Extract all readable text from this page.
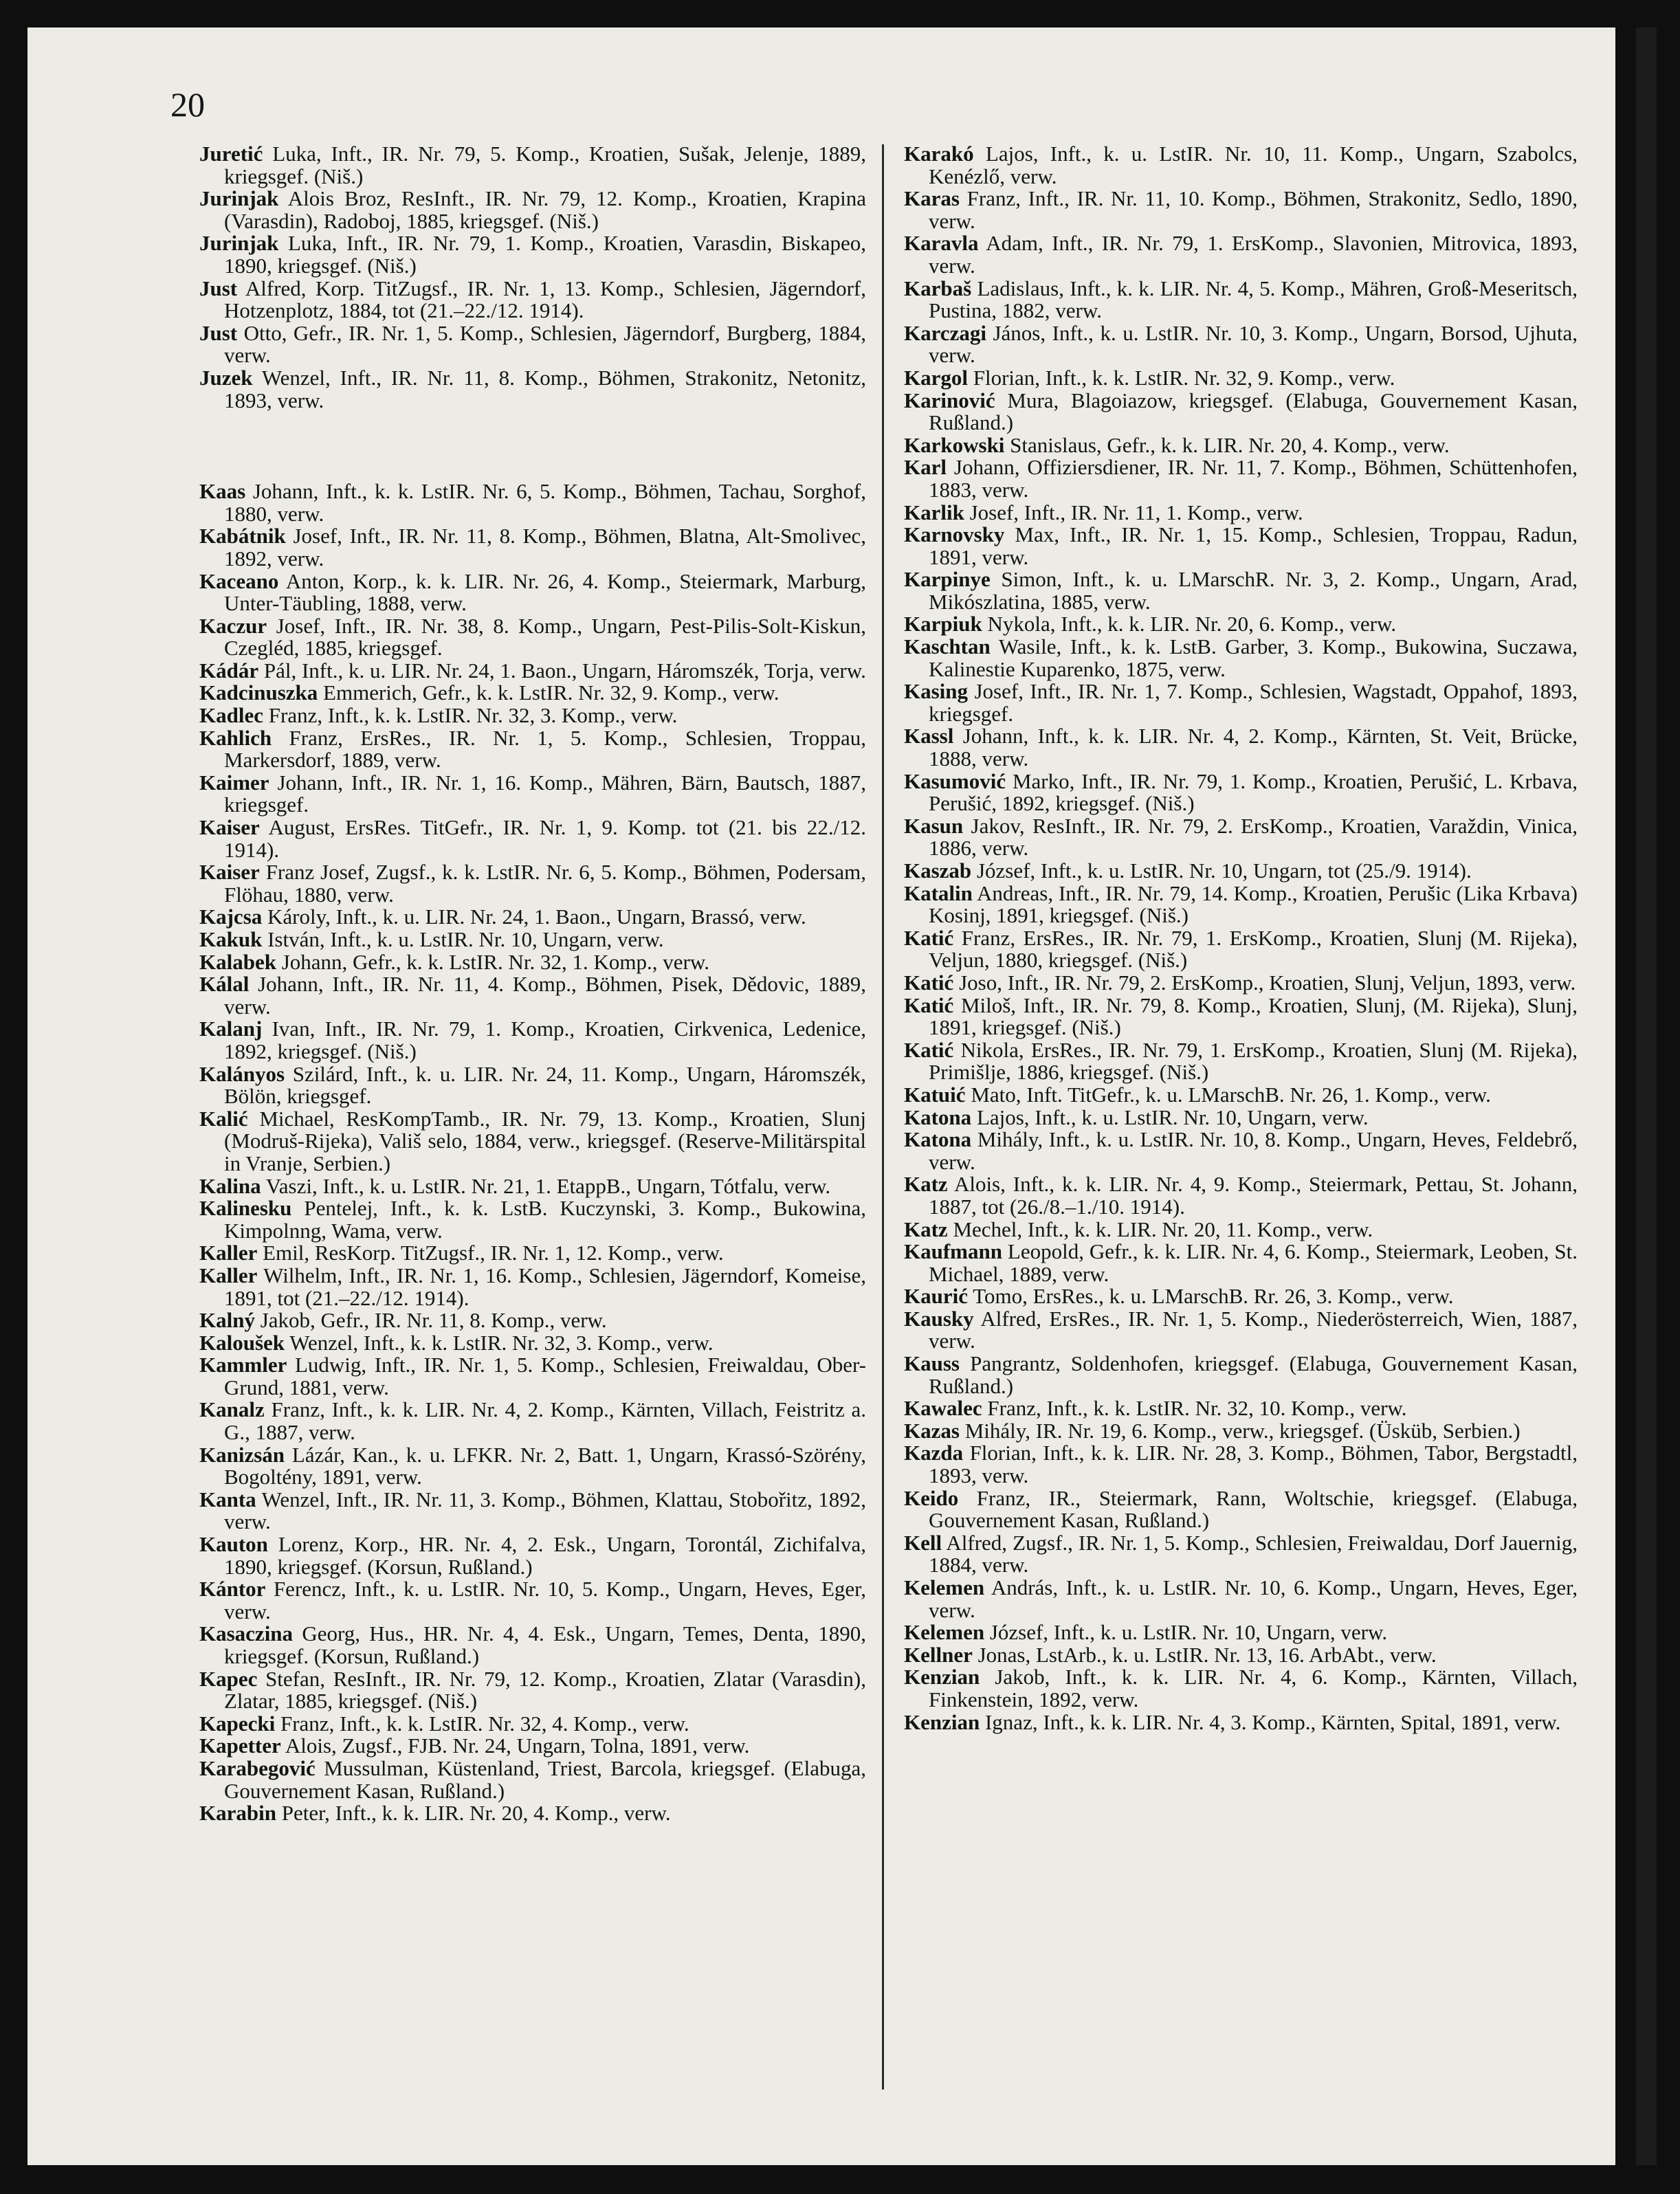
20

Juretić Luka, Inft., IR. Nr. 79, 5. Komp., Kroatien, Sušak, Jelenje, 1889, kriegsgef. (Niš.)

Jurinjak Alois Broz, ResInft., IR. Nr. 79, 12. Komp., Kroatien, Krapina (Varasdin), Radoboj, 1885, kriegsgef. (Niš.)

Jurinjak Luka, Inft., IR. Nr. 79, 1. Komp., Kroatien, Varasdin, Biskapeo, 1890, kriegsgef. (Niš.)

Just Alfred, Korp. TitZugsf., IR. Nr. 1, 13. Komp., Schlesien, Jägerndorf, Hotzenplotz, 1884, tot (21.–22./12. 1914).

Just Otto, Gefr., IR. Nr. 1, 5. Komp., Schlesien, Jägerndorf, Burgberg, 1884, verw.

Juzek Wenzel, Inft., IR. Nr. 11, 8. Komp., Böhmen, Strakonitz, Netonitz, 1893, verw.

Kaas Johann, Inft., k. k. LstIR. Nr. 6, 5. Komp., Böhmen, Tachau, Sorghof, 1880, verw.

Kabátnik Josef, Inft., IR. Nr. 11, 8. Komp., Böhmen, Blatna, Alt-Smolivec, 1892, verw.

Kaceano Anton, Korp., k. k. LIR. Nr. 26, 4. Komp., Steiermark, Marburg, Unter-Täubling, 1888, verw.

Kaczur Josef, Inft., IR. Nr. 38, 8. Komp., Ungarn, Pest-Pilis-Solt-Kiskun, Czegléd, 1885, kriegsgef.

Kádár Pál, Inft., k. u. LIR. Nr. 24, 1. Baon., Ungarn, Háromszék, Torja, verw.

Kadcinuszka Emmerich, Gefr., k. k. LstIR. Nr. 32, 9. Komp., verw.

Kadlec Franz, Inft., k. k. LstIR. Nr. 32, 3. Komp., verw.

Kahlich Franz, ErsRes., IR. Nr. 1, 5. Komp., Schlesien, Troppau, Markersdorf, 1889, verw.

Kaimer Johann, Inft., IR. Nr. 1, 16. Komp., Mähren, Bärn, Bautsch, 1887, kriegsgef.

Kaiser August, ErsRes. TitGefr., IR. Nr. 1, 9. Komp. tot (21. bis 22./12. 1914).

Kaiser Franz Josef, Zugsf., k. k. LstIR. Nr. 6, 5. Komp., Böhmen, Podersam, Flöhau, 1880, verw.

Kajcsa Károly, Inft., k. u. LIR. Nr. 24, 1. Baon., Ungarn, Brassó, verw.

Kakuk István, Inft., k. u. LstIR. Nr. 10, Ungarn, verw.

Kalabek Johann, Gefr., k. k. LstIR. Nr. 32, 1. Komp., verw.

Kálal Johann, Inft., IR. Nr. 11, 4. Komp., Böhmen, Pisek, Dědovic, 1889, verw.

Kalanj Ivan, Inft., IR. Nr. 79, 1. Komp., Kroatien, Cirkvenica, Ledenice, 1892, kriegsgef. (Niš.)

Kalányos Szilárd, Inft., k. u. LIR. Nr. 24, 11. Komp., Ungarn, Háromszék, Bölön, kriegsgef.

Kalić Michael, ResKompTamb., IR. Nr. 79, 13. Komp., Kroatien, Slunj (Modruš-Rijeka), Vališ selo, 1884, verw., kriegsgef. (Reserve-Militärspital in Vranje, Serbien.)

Kalina Vaszi, Inft., k. u. LstIR. Nr. 21, 1. EtappB., Ungarn, Tótfalu, verw.

Kalinesku Pentelej, Inft., k. k. LstB. Kuczynski, 3. Komp., Bukowina, Kimpolnng, Wama, verw.

Kaller Emil, ResKorp. TitZugsf., IR. Nr. 1, 12. Komp., verw.

Kaller Wilhelm, Inft., IR. Nr. 1, 16. Komp., Schlesien, Jägerndorf, Komeise, 1891, tot (21.–22./12. 1914).

Kalný Jakob, Gefr., IR. Nr. 11, 8. Komp., verw.

Kaloušek Wenzel, Inft., k. k. LstIR. Nr. 32, 3. Komp., verw.

Kammler Ludwig, Inft., IR. Nr. 1, 5. Komp., Schlesien, Freiwaldau, Ober-Grund, 1881, verw.

Kanalz Franz, Inft., k. k. LIR. Nr. 4, 2. Komp., Kärnten, Villach, Feistritz a. G., 1887, verw.

Kanizsán Lázár, Kan., k. u. LFKR. Nr. 2, Batt. 1, Ungarn, Krassó-Szörény, Bogoltény, 1891, verw.

Kanta Wenzel, Inft., IR. Nr. 11, 3. Komp., Böhmen, Klattau, Stobořitz, 1892, verw.

Kauton Lorenz, Korp., HR. Nr. 4, 2. Esk., Ungarn, Torontál, Zichifalva, 1890, kriegsgef. (Korsun, Rußland.)

Kántor Ferencz, Inft., k. u. LstIR. Nr. 10, 5. Komp., Ungarn, Heves, Eger, verw.

Kasaczina Georg, Hus., HR. Nr. 4, 4. Esk., Ungarn, Temes, Denta, 1890, kriegsgef. (Korsun, Rußland.)

Kapec Stefan, ResInft., IR. Nr. 79, 12. Komp., Kroatien, Zlatar (Varasdin), Zlatar, 1885, kriegsgef. (Niš.)

Kapecki Franz, Inft., k. k. LstIR. Nr. 32, 4. Komp., verw.

Kapetter Alois, Zugsf., FJB. Nr. 24, Ungarn, Tolna, 1891, verw.

Karabegović Mussulman, Küstenland, Triest, Barcola, kriegsgef. (Elabuga, Gouvernement Kasan, Rußland.)

Karabin Peter, Inft., k. k. LIR. Nr. 20, 4. Komp., verw.

Karakó Lajos, Inft., k. u. LstIR. Nr. 10, 11. Komp., Ungarn, Szabolcs, Kenézlő, verw.

Karas Franz, Inft., IR. Nr. 11, 10. Komp., Böhmen, Strakonitz, Sedlo, 1890, verw.

Karavla Adam, Inft., IR. Nr. 79, 1. ErsKomp., Slavonien, Mitrovica, 1893, verw.

Karbaš Ladislaus, Inft., k. k. LIR. Nr. 4, 5. Komp., Mähren, Groß-Meseritsch, Pustina, 1882, verw.

Karczagi János, Inft., k. u. LstIR. Nr. 10, 3. Komp., Ungarn, Borsod, Ujhuta, verw.

Kargol Florian, Inft., k. k. LstIR. Nr. 32, 9. Komp., verw.

Karinović Mura, Blagoiazow, kriegsgef. (Elabuga, Gouvernement Kasan, Rußland.)

Karkowski Stanislaus, Gefr., k. k. LIR. Nr. 20, 4. Komp., verw.

Karl Johann, Offiziersdiener, IR. Nr. 11, 7. Komp., Böhmen, Schüttenhofen, 1883, verw.

Karlik Josef, Inft., IR. Nr. 11, 1. Komp., verw.

Karnovsky Max, Inft., IR. Nr. 1, 15. Komp., Schlesien, Troppau, Radun, 1891, verw.

Karpinye Simon, Inft., k. u. LMarschR. Nr. 3, 2. Komp., Ungarn, Arad, Mikószlatina, 1885, verw.

Karpiuk Nykola, Inft., k. k. LIR. Nr. 20, 6. Komp., verw.

Kaschtan Wasile, Inft., k. k. LstB. Garber, 3. Komp., Bukowina, Suczawa, Kalinestie Kuparenko, 1875, verw.

Kasing Josef, Inft., IR. Nr. 1, 7. Komp., Schlesien, Wagstadt, Oppahof, 1893, kriegsgef.

Kassl Johann, Inft., k. k. LIR. Nr. 4, 2. Komp., Kärnten, St. Veit, Brücke, 1888, verw.

Kasumović Marko, Inft., IR. Nr. 79, 1. Komp., Kroatien, Perušić, L. Krbava, Perušić, 1892, kriegsgef. (Niš.)

Kasun Jakov, ResInft., IR. Nr. 79, 2. ErsKomp., Kroatien, Varaždin, Vinica, 1886, verw.

Kaszab József, Inft., k. u. LstIR. Nr. 10, Ungarn, tot (25./9. 1914).

Katalin Andreas, Inft., IR. Nr. 79, 14. Komp., Kroatien, Perušic (Lika Krbava) Kosinj, 1891, kriegsgef. (Niš.)

Katić Franz, ErsRes., IR. Nr. 79, 1. ErsKomp., Kroatien, Slunj (M. Rijeka), Veljun, 1880, kriegsgef. (Niš.)

Katić Joso, Inft., IR. Nr. 79, 2. ErsKomp., Kroatien, Slunj, Veljun, 1893, verw.

Katić Miloš, Inft., IR. Nr. 79, 8. Komp., Kroatien, Slunj, (M. Rijeka), Slunj, 1891, kriegsgef. (Niš.)

Katić Nikola, ErsRes., IR. Nr. 79, 1. ErsKomp., Kroatien, Slunj (M. Rijeka), Primišlje, 1886, kriegsgef. (Niš.)

Katuić Mato, Inft. TitGefr., k. u. LMarschB. Nr. 26, 1. Komp., verw.

Katona Lajos, Inft., k. u. LstIR. Nr. 10, Ungarn, verw.

Katona Mihály, Inft., k. u. LstIR. Nr. 10, 8. Komp., Ungarn, Heves, Feldebrő, verw.

Katz Alois, Inft., k. k. LIR. Nr. 4, 9. Komp., Steiermark, Pettau, St. Johann, 1887, tot (26./8.–1./10. 1914).

Katz Mechel, Inft., k. k. LIR. Nr. 20, 11. Komp., verw.

Kaufmann Leopold, Gefr., k. k. LIR. Nr. 4, 6. Komp., Steiermark, Leoben, St. Michael, 1889, verw.

Kaurić Tomo, ErsRes., k. u. LMarschB. Rr. 26, 3. Komp., verw.

Kausky Alfred, ErsRes., IR. Nr. 1, 5. Komp., Niederösterreich, Wien, 1887, verw.

Kauss Pangrantz, Soldenhofen, kriegsgef. (Elabuga, Gouvernement Kasan, Rußland.)

Kawalec Franz, Inft., k. k. LstIR. Nr. 32, 10. Komp., verw.

Kazas Mihály, IR. Nr. 19, 6. Komp., verw., kriegsgef. (Üsküb, Serbien.)

Kazda Florian, Inft., k. k. LIR. Nr. 28, 3. Komp., Böhmen, Tabor, Bergstadtl, 1893, verw.

Keido Franz, IR., Steiermark, Rann, Woltschie, kriegsgef. (Elabuga, Gouvernement Kasan, Rußland.)

Kell Alfred, Zugsf., IR. Nr. 1, 5. Komp., Schlesien, Freiwaldau, Dorf Jauernig, 1884, verw.

Kelemen András, Inft., k. u. LstIR. Nr. 10, 6. Komp., Ungarn, Heves, Eger, verw.

Kelemen József, Inft., k. u. LstIR. Nr. 10, Ungarn, verw.

Kellner Jonas, LstArb., k. u. LstIR. Nr. 13, 16. ArbAbt., verw.

Kenzian Jakob, Inft., k. k. LIR. Nr. 4, 6. Komp., Kärnten, Villach, Finkenstein, 1892, verw.

Kenzian Ignaz, Inft., k. k. LIR. Nr. 4, 3. Komp., Kärnten, Spital, 1891, verw.
